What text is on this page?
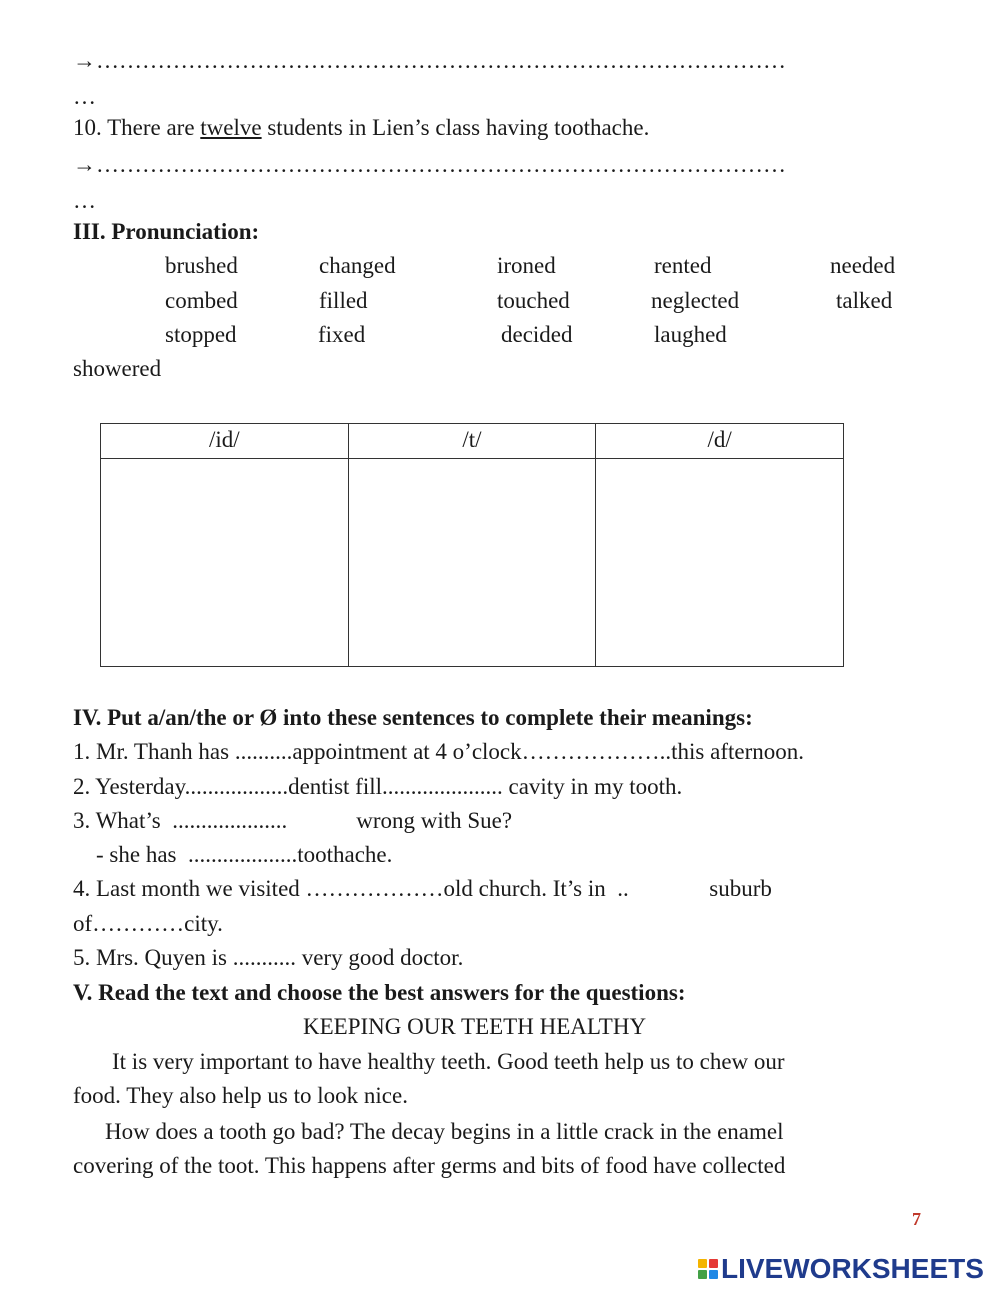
→………………………………………………………………………………
…
10. There are twelve students in Lien’s class having toothache.
→………………………………………………………………………………
…
III. Pronunciation:
brushed	changed	ironed	rented	needed
combed	filled	touched	neglected	talked
stopped	fixed	decided	laughed
showered
/id/	/t/	/d/

IV. Put a/an/the or Ø into these sentences to complete their meanings:
1. Mr. Thanh has ..........appointment at 4 o’clock………………..this afternoon.
2. Yesterday..................dentist fill..................... cavity in my tooth.
3. What’s  ....................            wrong with Sue?
- she has  ...................toothache.
4. Last month we visited ………………old church. It’s in  ..              suburb
of…………city.
5. Mrs. Quyen is ........... very good doctor.
V. Read the text and choose the best answers for the questions:
KEEPING OUR TEETH HEALTHY
It is very important to have healthy teeth. Good teeth help us to chew our
food. They also help us to look nice.
How does a tooth go bad? The decay begins in a little crack in the enamel
covering of the toot. This happens after germs and bits of food have collected
7
LIVEWORKSHEETS
